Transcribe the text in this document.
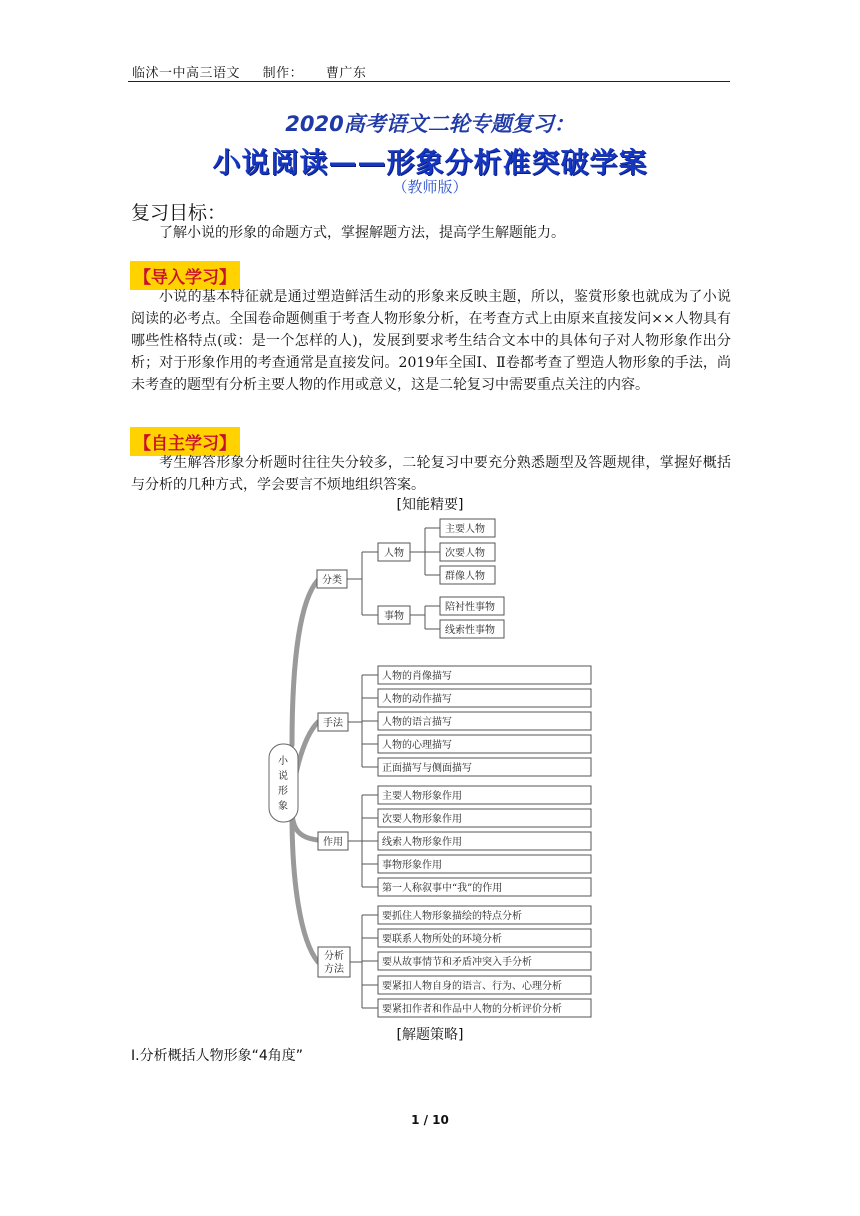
临沭一中高三语文 制作： 曹广东
2020高考语文二轮专题复习：
小说阅读——形象分析准突破学案
（教师版）
复习目标：
了解小说的形象的命题方式，掌握解题方法，提高学生解题能力。
【导入学习】
小说的基本特征就是通过塑造鲜活生动的形象来反映主题，所以，鉴赏形象也就成为了小说阅读的必考点。全国卷命题侧重于考查人物形象分析，在考查方式上由原来直接发问××人物具有哪些性格特点(或：是一个怎样的人)，发展到要求考生结合文本中的具体句子对人物形象作出分析；对于形象作用的考查通常是直接发问。2019年全国Ⅰ、Ⅱ卷都考查了塑造人物形象的手法，尚未考查的题型有分析主要人物的作用或意义，这是二轮复习中需要重点关注的内容。
【自主学习】
考生解答形象分析题时往往失分较多，二轮复习中要充分熟悉题型及答题规律，掌握好概括与分析的几种方式，学会要言不烦地组织答案。
[知能精要]
小
说
形
象
分类
人物
主要人物
次要人物
群像人物
事物
陪衬性事物
线索性事物
手法
人物的肖像描写
人物的动作描写
人物的语言描写
人物的心理描写
正面描写与侧面描写
作用
主要人物形象作用
次要人物形象作用
线索人物形象作用
事物形象作用
第一人称叙事中“我”的作用
分析
方法
要抓住人物形象描绘的特点分析
要联系人物所处的环境分析
要从故事情节和矛盾冲突入手分析
要紧扣人物自身的语言、行为、心理分析
要紧扣作者和作品中人物的分析评价分析
[解题策略]
Ⅰ.分析概括人物形象“4角度”
1 / 10
